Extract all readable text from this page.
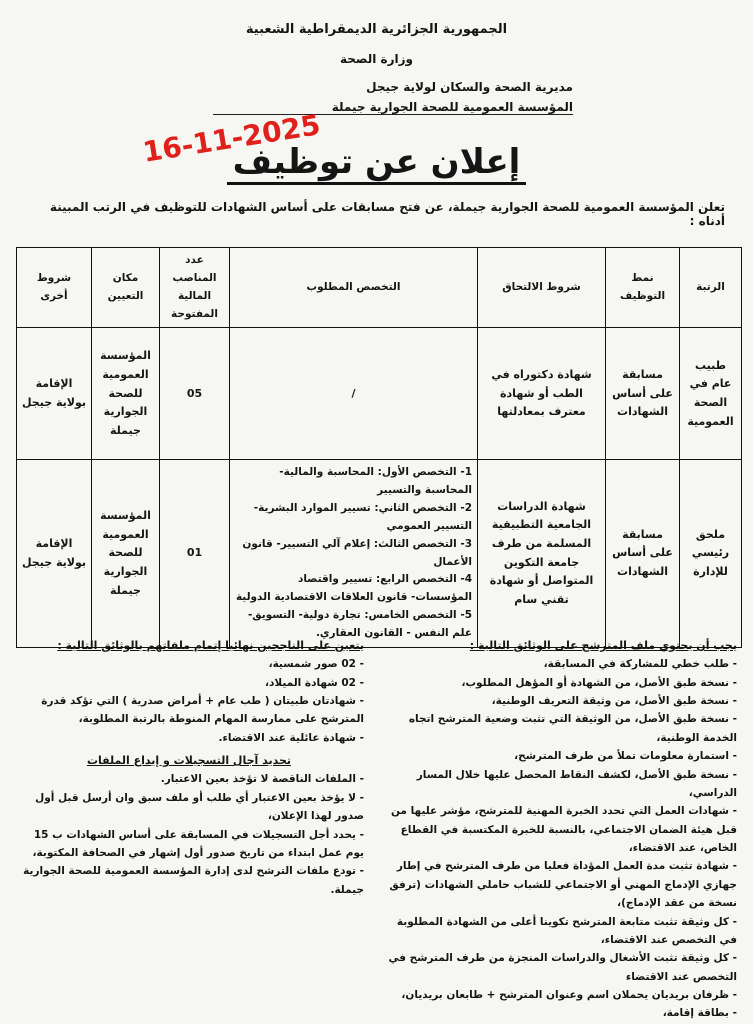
الجمهورية الجزائرية الديمقراطية الشعبية
وزارة الصحة
مديرية الصحة والسكان لولاية جيجل
المؤسسة العمومية للصحة الجوارية جيملة
16-11-2025
إعلان عن توظيف
تعلن المؤسسة العمومية للصحة الجوارية جيملة، عن فتح مسابقات على أساس الشهادات للتوظيف في الرتب المبينة أدناه :
الرتبة	نمط التوظيف	شروط الالتحاق	التخصص المطلوب	عدد المناصب المالية المفتوحة	مكان التعيين	شروط أخرى
طبيب عام في الصحة العمومية	مسابقة على أساس الشهادات	شهادة دكتوراه في الطب أو شهادة معترف بمعادلتها	/	05	المؤسسة العمومية للصحة الجوارية جيملة	الإقامة بولاية جيجل
ملحق رئيسي للإدارة	مسابقة على أساس الشهادات	شهادة الدراسات الجامعية التطبيقية المسلمة من طرف جامعة التكوين المتواصل أو شهادة تقني سام	1- التخصص الأول: المحاسبة والمالية-المحاسبة والتسيير
2- التخصص الثاني: تسيير الموارد البشرية- التسيير العمومي
3- التخصص الثالث: إعلام آلي التسيير- قانون الأعمال
4- التخصص الرابع: تسيير واقتصاد المؤسسات- قانون العلاقات الاقتصادية الدولية
5- التخصص الخامس: تجارة دولية- التسويق- علم النفس - القانون العقاري.	01	المؤسسة العمومية للصحة الجوارية جيملة	الإقامة بولاية جيجل
يجب أن يحتوي ملف المترشح على الوثائق التالية :
- طلب خطي للمشاركة في المسابقة،
- نسخة طبق الأصل، من الشهادة أو المؤهل المطلوب،
- نسخة طبق الأصل، من وثيقة التعريف الوطنية،
- نسخة طبق الأصل، من الوثيقة التي تثبت وضعية المترشح اتجاه الخدمة الوطنية،
- استمارة معلومات تملأ من طرف المترشح،
- نسخة طبق الأصل، لكشف النقاط المحصل عليها خلال المسار الدراسي،
- شهادات العمل التي تحدد الخبرة المهنية للمترشح، مؤشر عليها من قبل هيئة الضمان الاجتماعي، بالنسبة للخبرة المكتسبة في القطاع الخاص، عند الاقتضاء،
- شهادة تثبت مدة العمل المؤداة فعليا من طرف المترشح في إطار جهازي الإدماج المهني أو الاجتماعي للشباب حاملي الشهادات (ترفق نسخة من عقد الإدماج)،
- كل وثيقة تثبت متابعة المترشح تكوينا أعلى من الشهادة المطلوبة في التخصص عند الاقتضاء،
- كل وثيقة تثبت الأشغال والدراسات المنجزة من طرف المترشح في التخصص عند الاقتضاء
- ظرفان بريديان يحملان اسم وعنوان المترشح + طابعان بريديان،
- بطاقة إقامة،
يتعين على الناجحين نهائيا إتمام ملفاتهم بالوثائق التالية :
- 02 صور شمسية،
- 02 شهادة الميلاد،
- شهادتان طبيتان ( طب عام + أمراض صدرية ) التي تؤكد قدرة المترشح على ممارسة المهام المنوطة بالرتبة المطلوبة،
- شهادة عائلية عند الاقتضاء.
تحديد آجال التسجيلات و إيداع الملفات
- الملفات الناقصة لا تؤخذ بعين الاعتبار.
- لا يؤخذ بعين الاعتبار أي طلب أو ملف سبق وان أرسل قبل أول صدور لهذا الإعلان،
- يحدد أجل التسجيلات في المسابقة على أساس الشهادات ب 15 يوم عمل ابتداء من تاريخ صدور أول إشهار في الصحافة المكتوبة،
- تودع ملفات الترشح لدى إدارة المؤسسة العمومية للصحة الجوارية جيملة.
